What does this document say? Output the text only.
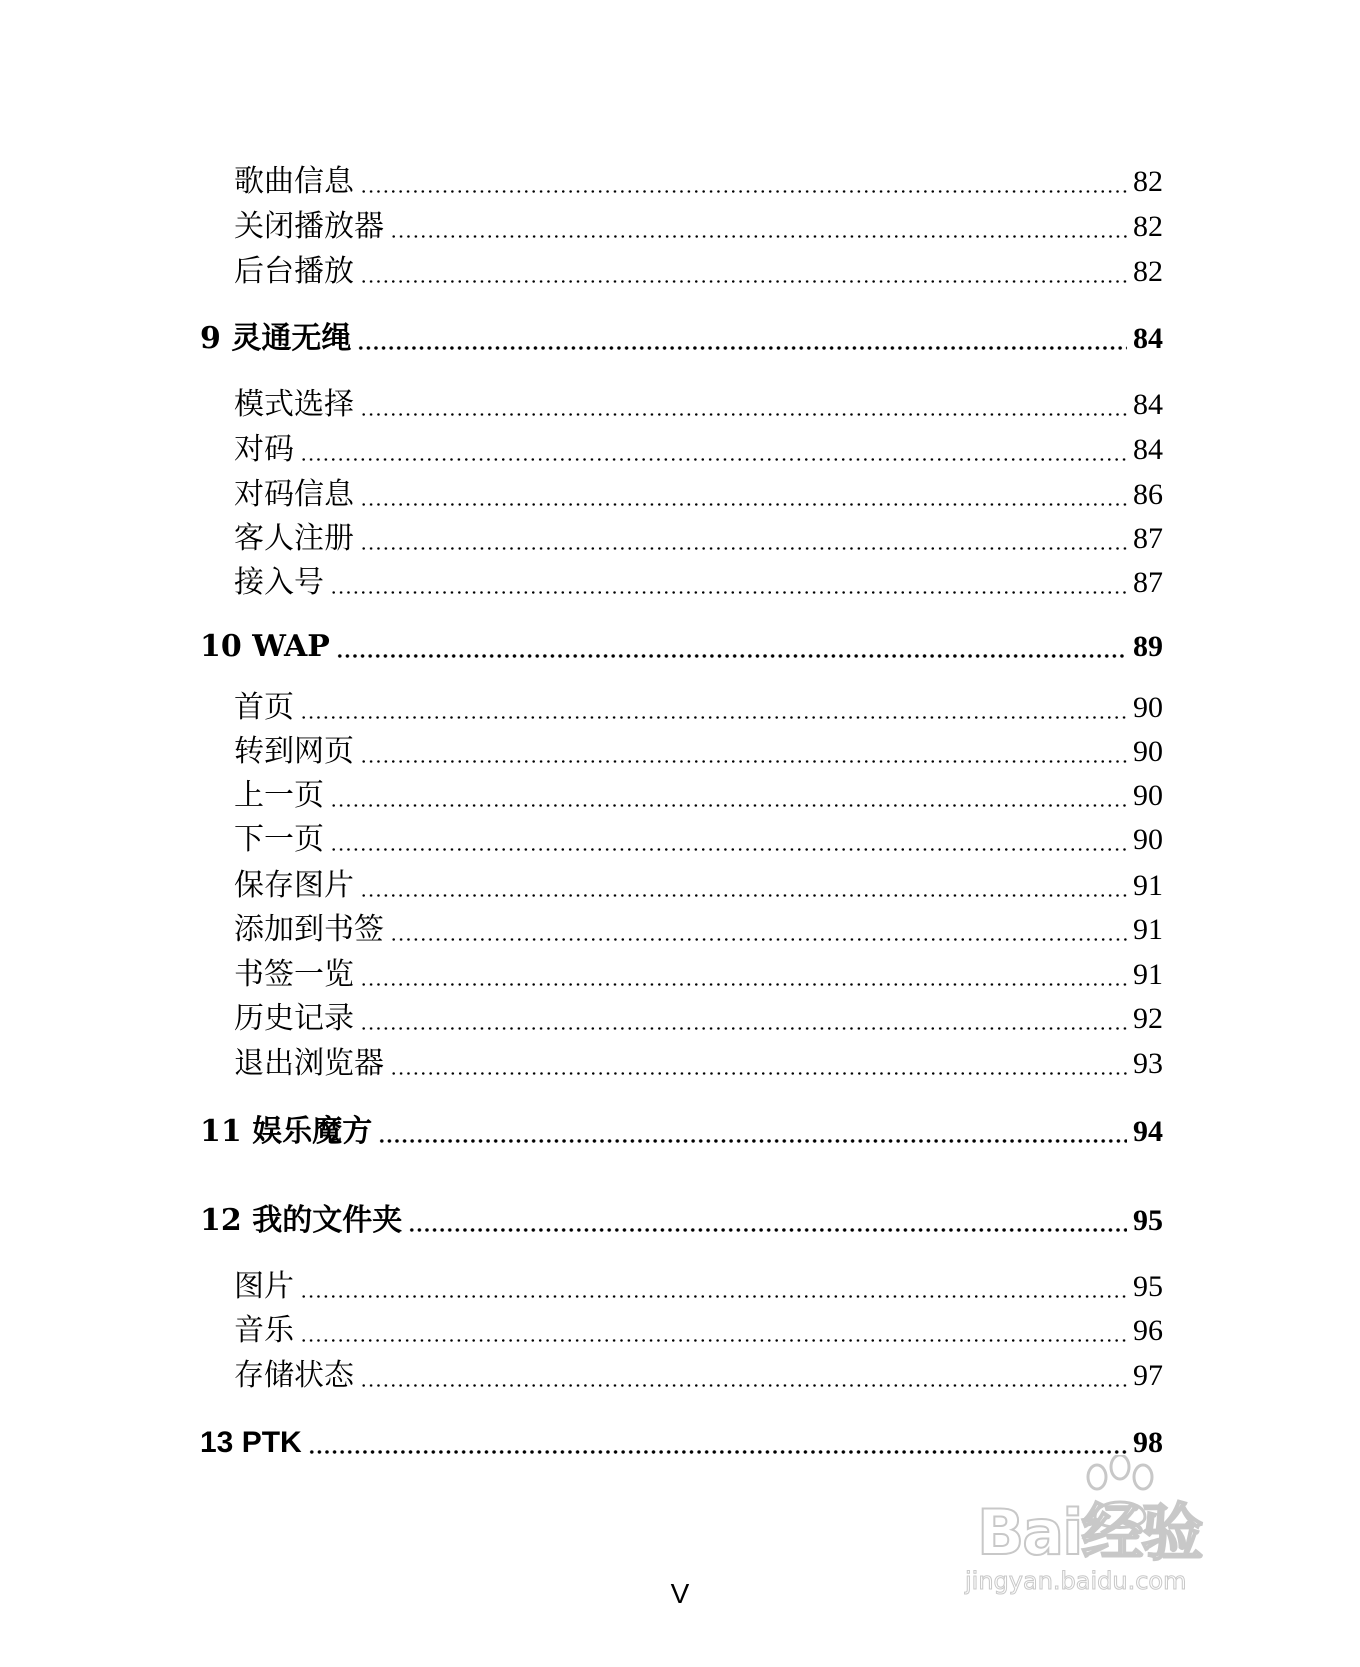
歌曲信息	82
关闭播放器	82
后台播放	82
9 灵通无绳	84
模式选择	84
对码	84
对码信息	86
客人注册	87
接入号	87
10 WAP	89
首页	90
转到网页	90
上一页	90
下一页	90
保存图片	91
添加到书签	91
书签一览	91
历史记录	92
退出浏览器	93
11 娱乐魔方	94
12 我的文件夹	95
图片	95
音乐	96
存储状态	97
13 PTK	98
V
Bai经验
jingyan.baidu.com
